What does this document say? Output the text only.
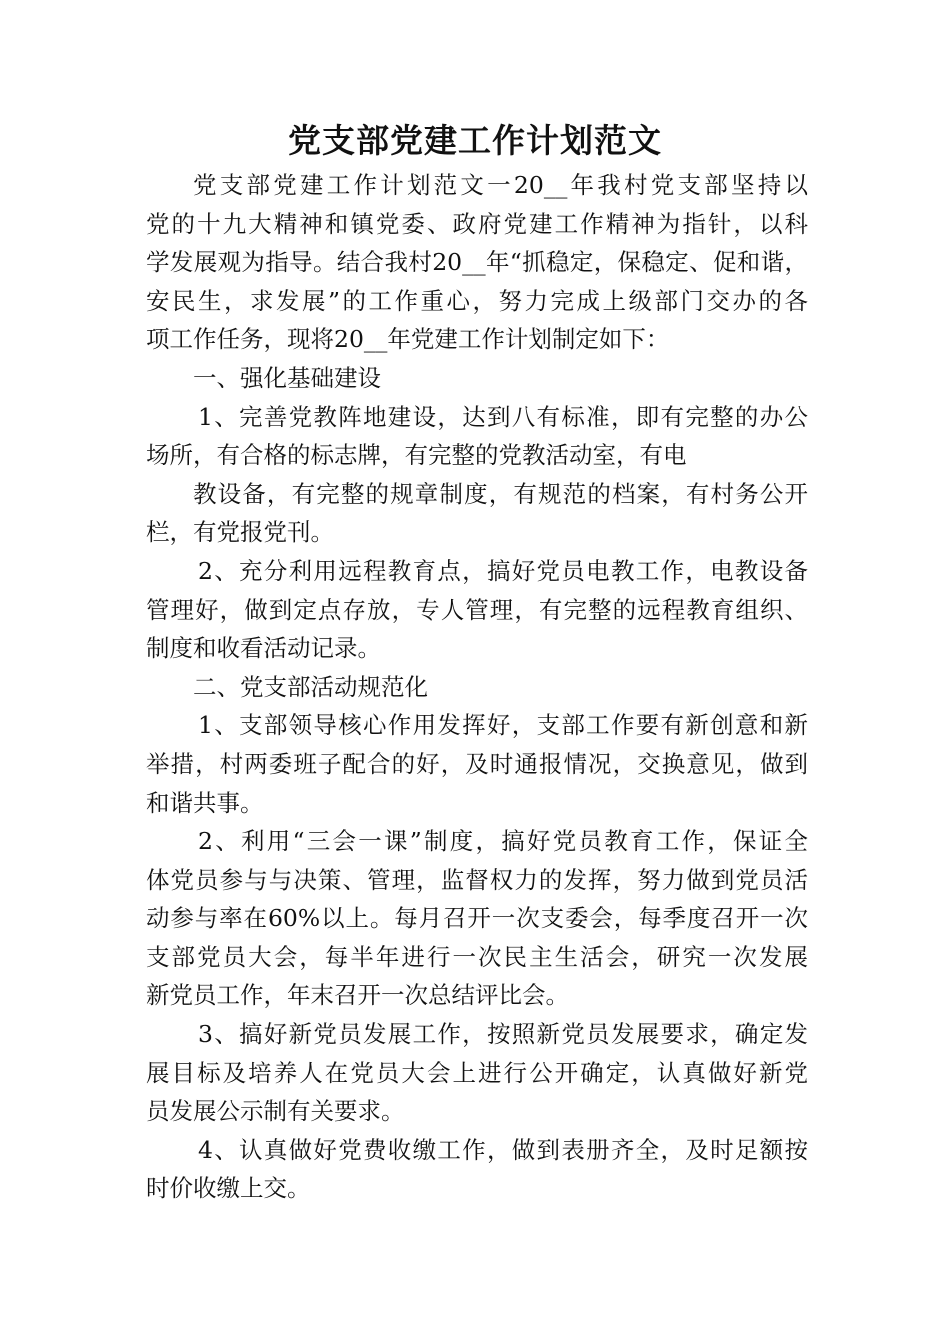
党支部党建工作计划范文
党支部党建工作计划范文一20__年我村党支部坚持以
党的十九大精神和镇党委、政府党建工作精神为指针，以科
学发展观为指导。结合我村20__年“抓稳定，保稳定、促和谐，
安民生，求发展”的工作重心，努力完成上级部门交办的各
项工作任务，现将20__年党建工作计划制定如下：
一、强化基础建设
1、完善党教阵地建设，达到八有标准，即有完整的办公
场所，有合格的标志牌，有完整的党教活动室，有电
教设备，有完整的规章制度，有规范的档案，有村务公开
栏，有党报党刊。
2、充分利用远程教育点，搞好党员电教工作，电教设备
管理好，做到定点存放，专人管理，有完整的远程教育组织、
制度和收看活动记录。
二、党支部活动规范化
1、支部领导核心作用发挥好，支部工作要有新创意和新
举措，村两委班子配合的好，及时通报情况，交换意见，做到
和谐共事。
2、利用“三会一课”制度，搞好党员教育工作，保证全
体党员参与与决策、管理，监督权力的发挥，努力做到党员活
动参与率在60%以上。每月召开一次支委会，每季度召开一次
支部党员大会，每半年进行一次民主生活会，研究一次发展
新党员工作，年末召开一次总结评比会。
3、搞好新党员发展工作，按照新党员发展要求，确定发
展目标及培养人在党员大会上进行公开确定，认真做好新党
员发展公示制有关要求。
4、认真做好党费收缴工作，做到表册齐全，及时足额按
时价收缴上交。
